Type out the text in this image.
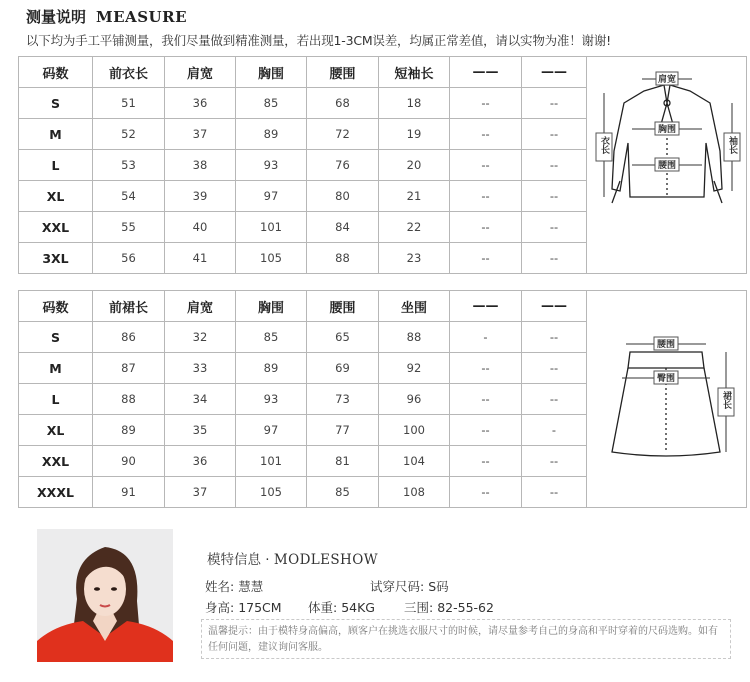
测量说明 MEASURE
以下均为手工平铺测量，我们尽量做到精准测量，若出现1-3CM误差，均属正常差值，请以实物为准！谢谢!
码数	前衣长	肩宽	胸围	腰围	短袖长	——	——	肩宽
胸围
腰围
衣长 袖长

S	51	36	85	68	18	--	--	
M	52	37	89	72	19	--	--	
L	53	38	93	76	20	--	--	
XL	54	39	97	80	21	--	--	
XXL	55	40	101	84	22	--	--	
3XL	56	41	105	88	23	--	--	
码数	前裙长	肩宽	胸围	腰围	坐围	——	——	腰围
臀围
裙长

S	86	32	85	65	88	-	--	
M	87	33	89	69	92	--	--	
L	88	34	93	73	96	--	--	
XL	89	35	97	77	100	--	-	
XXL	90	36	101	81	104	--	--	
XXXL	91	37	105	85	108	--	--	
模特信息 · MODLESHOW
姓名: 慧慧	试穿尺码: S码
身高: 175CM 体重: 54KG 三围: 82-55-62
温馨提示：由于模特身高偏高，顾客户在挑选衣服尺寸的时候，请尽量参考自己的身高和平时穿着的尺码选购。如有任何问题，建议询问客服。
